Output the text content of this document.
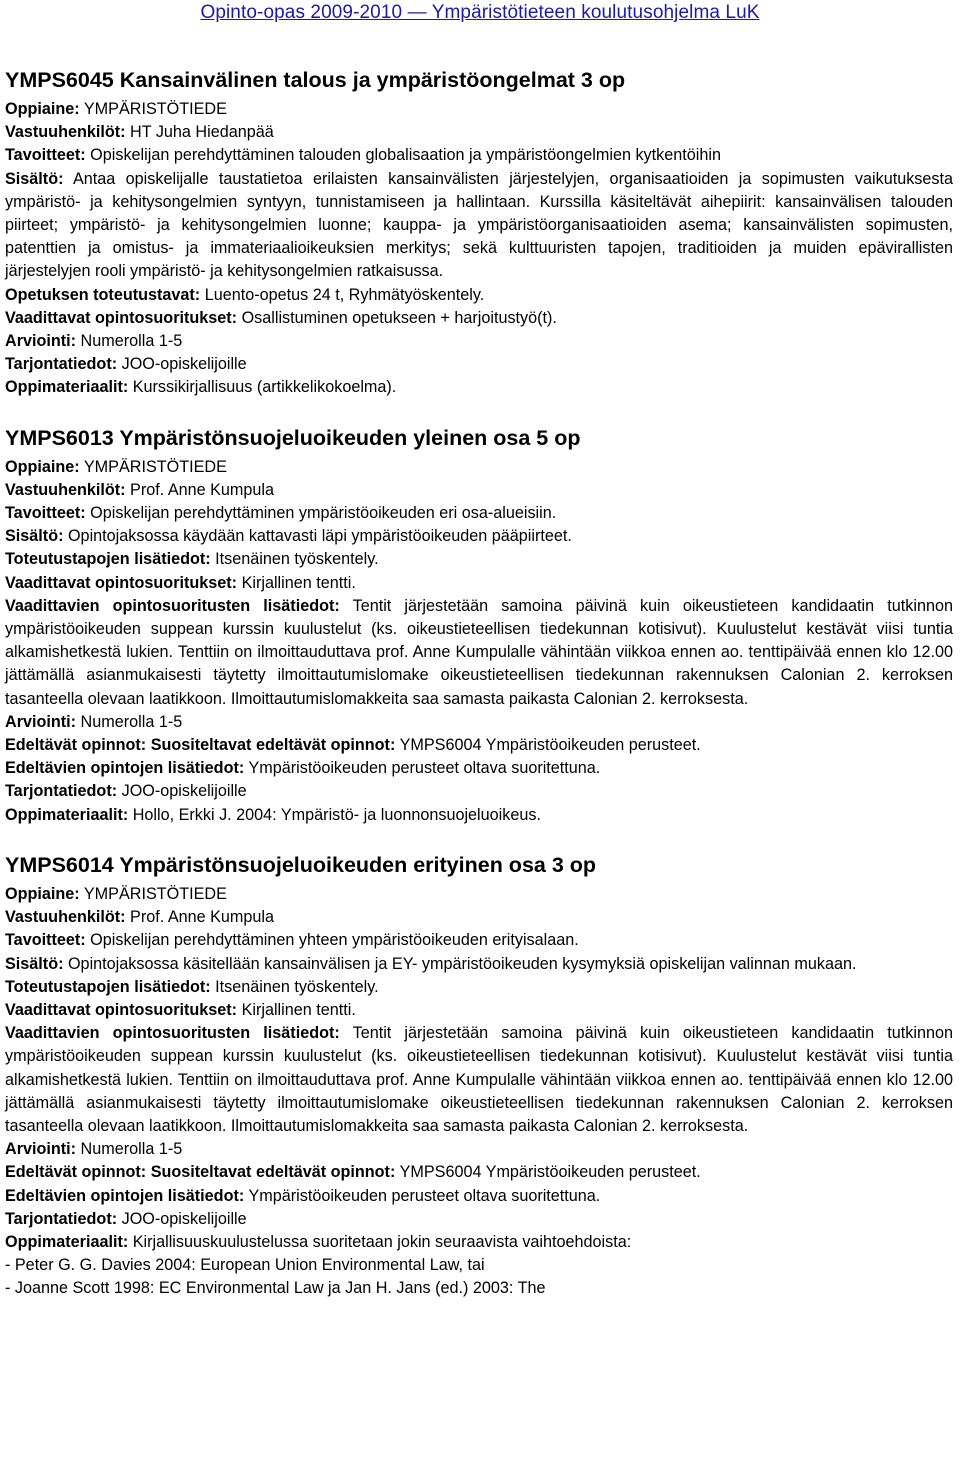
Opinto-opas 2009-2010 — Ympäristötieteen koulutusohjelma LuK
YMPS6045 Kansainvälinen talous ja ympäristöongelmat 3 op

Oppiaine: YMPÄRISTÖTIEDE

Vastuuhenkilöt: HT Juha Hiedanpää

Tavoitteet: Opiskelijan perehdyttäminen talouden globalisaation ja ympäristöongelmien kytkentöihin

Sisältö: Antaa opiskelijalle taustatietoa erilaisten kansainvälisten järjestelyjen, organisaatioiden ja sopimusten vaikutuksesta ympäristö- ja kehitysongelmien syntyyn, tunnistamiseen ja hallintaan. Kurssilla käsiteltävät aihepiirit: kansainvälisen talouden piirteet; ympäristö- ja kehitysongelmien luonne; kauppa- ja ympäristöorganisaatioiden asema; kansainvälisten sopimusten, patenttien ja omistus- ja immateriaalioikeuksien merkitys; sekä kulttuuristen tapojen, traditioiden ja muiden epävirallisten järjestelyjen rooli ympäristö- ja kehitysongelmien ratkaisussa.

Opetuksen toteutustavat: Luento-opetus 24 t, Ryhmätyöskentely.

Vaadittavat opintosuoritukset: Osallistuminen opetukseen + harjoitustyö(t).

Arviointi: Numerolla 1-5

Tarjontatiedot: JOO-opiskelijoille

Oppimateriaalit: Kurssikirjallisuus (artikkelikokoelma).

YMPS6013 Ympäristönsuojeluoikeuden yleinen osa 5 op

Oppiaine: YMPÄRISTÖTIEDE

Vastuuhenkilöt: Prof. Anne Kumpula

Tavoitteet: Opiskelijan perehdyttäminen ympäristöoikeuden eri osa-alueisiin.

Sisältö: Opintojaksossa käydään kattavasti läpi ympäristöoikeuden pääpiirteet.

Toteutustapojen lisätiedot: Itsenäinen työskentely.

Vaadittavat opintosuoritukset: Kirjallinen tentti.

Vaadittavien opintosuoritusten lisätiedot: Tentit järjestetään samoina päivinä kuin oikeustieteen kandidaatin tutkinnon ympäristöoikeuden suppean kurssin kuulustelut (ks. oikeustieteellisen tiedekunnan kotisivut). Kuulustelut kestävät viisi tuntia alkamishetkestä lukien. Tenttiin on ilmoittauduttava prof. Anne Kumpulalle vähintään viikkoa ennen ao. tenttipäivää ennen klo 12.00 jättämällä asianmukaisesti täytetty ilmoittautumislomake oikeustieteellisen tiedekunnan rakennuksen Calonian 2. kerroksen tasanteella olevaan laatikkoon. Ilmoittautumislomakkeita saa samasta paikasta Calonian 2. kerroksesta.

Arviointi: Numerolla 1-5

Edeltävät opinnot: Suositeltavat edeltävät opinnot: YMPS6004 Ympäristöoikeuden perusteet.

Edeltävien opintojen lisätiedot: Ympäristöoikeuden perusteet oltava suoritettuna.

Tarjontatiedot: JOO-opiskelijoille

Oppimateriaalit: Hollo, Erkki J. 2004: Ympäristö- ja luonnonsuojeluoikeus.

YMPS6014 Ympäristönsuojeluoikeuden erityinen osa 3 op

Oppiaine: YMPÄRISTÖTIEDE

Vastuuhenkilöt: Prof. Anne Kumpula

Tavoitteet: Opiskelijan perehdyttäminen yhteen ympäristöoikeuden erityisalaan.

Sisältö: Opintojaksossa käsitellään kansainvälisen ja EY- ympäristöoikeuden kysymyksiä opiskelijan valinnan mukaan.

Toteutustapojen lisätiedot: Itsenäinen työskentely.

Vaadittavat opintosuoritukset: Kirjallinen tentti.

Vaadittavien opintosuoritusten lisätiedot: Tentit järjestetään samoina päivinä kuin oikeustieteen kandidaatin tutkinnon ympäristöoikeuden suppean kurssin kuulustelut (ks. oikeustieteellisen tiedekunnan kotisivut). Kuulustelut kestävät viisi tuntia alkamishetkestä lukien. Tenttiin on ilmoittauduttava prof. Anne Kumpulalle vähintään viikkoa ennen ao. tenttipäivää ennen klo 12.00 jättämällä asianmukaisesti täytetty ilmoittautumislomake oikeustieteellisen tiedekunnan rakennuksen Calonian 2. kerroksen tasanteella olevaan laatikkoon. Ilmoittautumislomakkeita saa samasta paikasta Calonian 2. kerroksesta.

Arviointi: Numerolla 1-5

Edeltävät opinnot: Suositeltavat edeltävät opinnot: YMPS6004 Ympäristöoikeuden perusteet.

Edeltävien opintojen lisätiedot: Ympäristöoikeuden perusteet oltava suoritettuna.

Tarjontatiedot: JOO-opiskelijoille

Oppimateriaalit: Kirjallisuuskuulustelussa suoritetaan jokin seuraavista vaihtoehdoista:

- Peter G. G. Davies 2004: European Union Environmental Law, tai

- Joanne Scott 1998: EC Environmental Law ja Jan H. Jans (ed.) 2003: The
